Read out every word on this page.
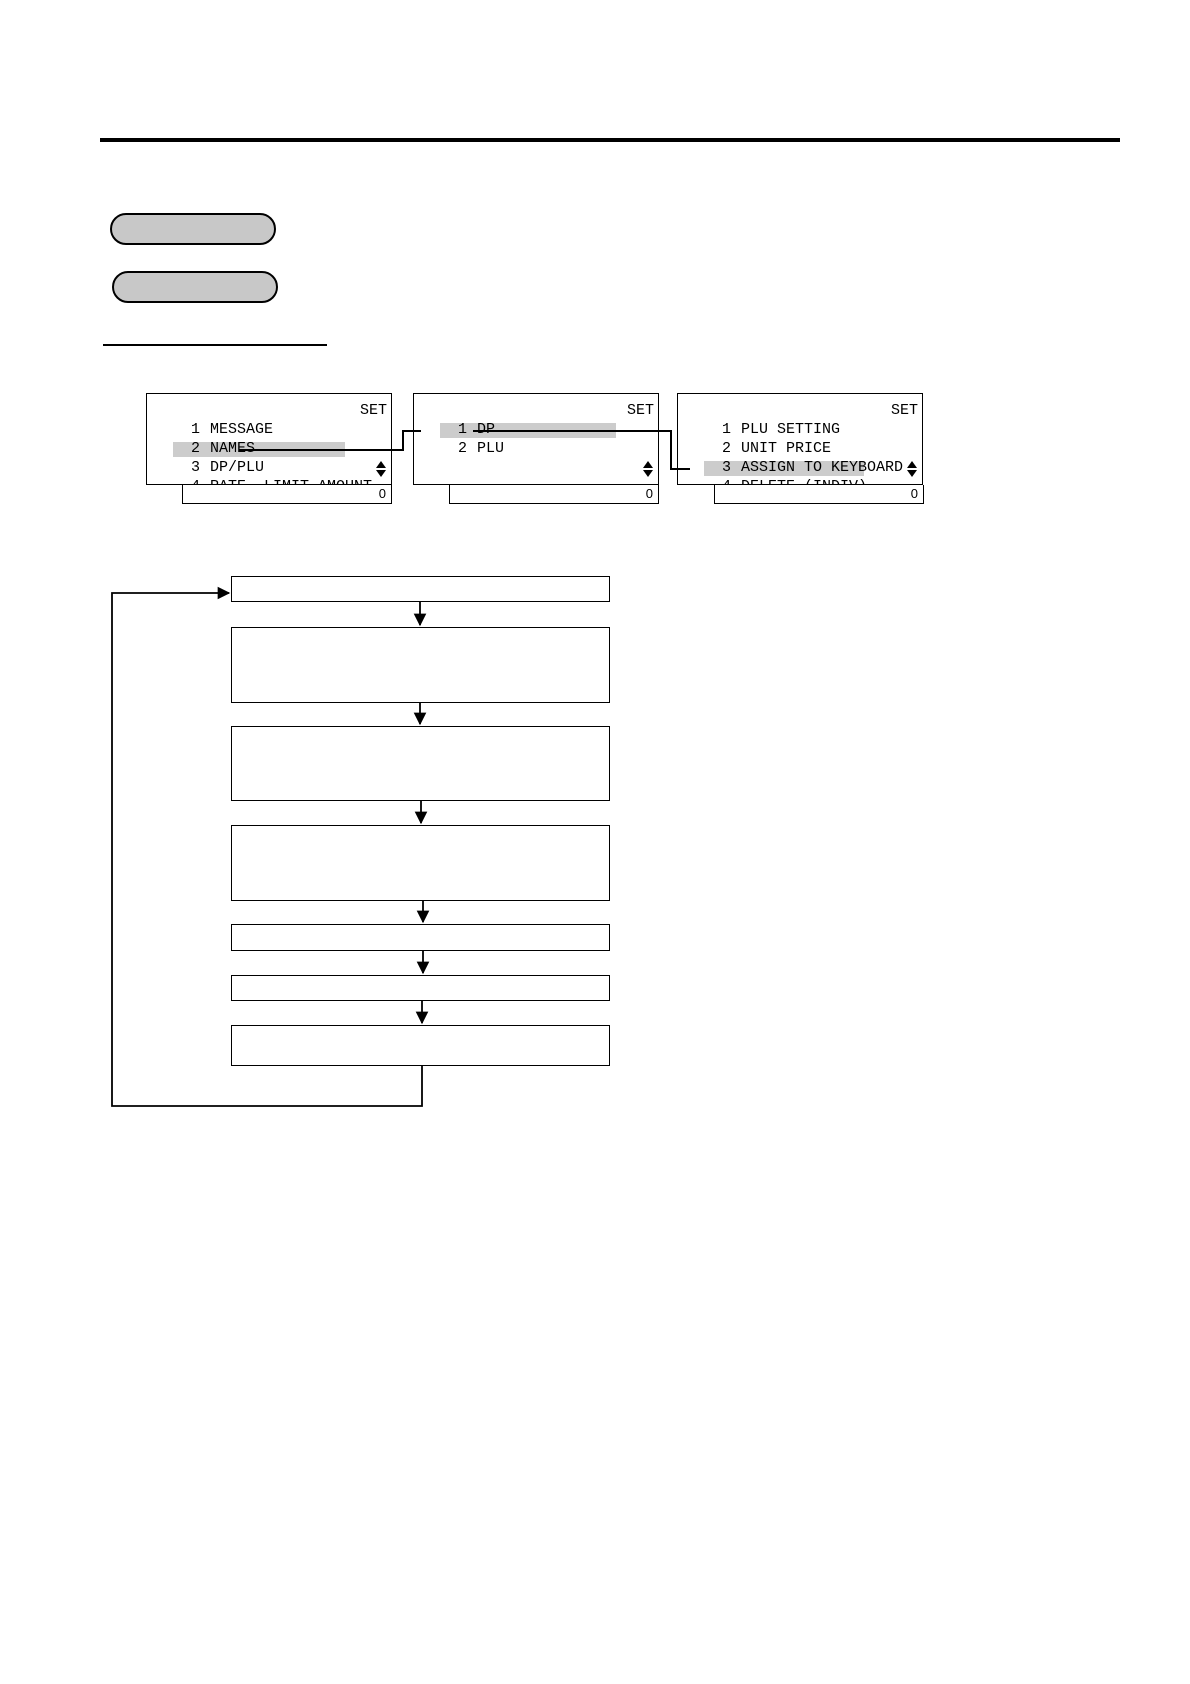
1 MESSAGE

2 NAMES

3 DP/PLU

SET
0

1 DP

2 PLU

SET
0

1 PLU SETTING

2 UNIT PRICE

3 ASSIGN TO KEYBOARD

SET
0
